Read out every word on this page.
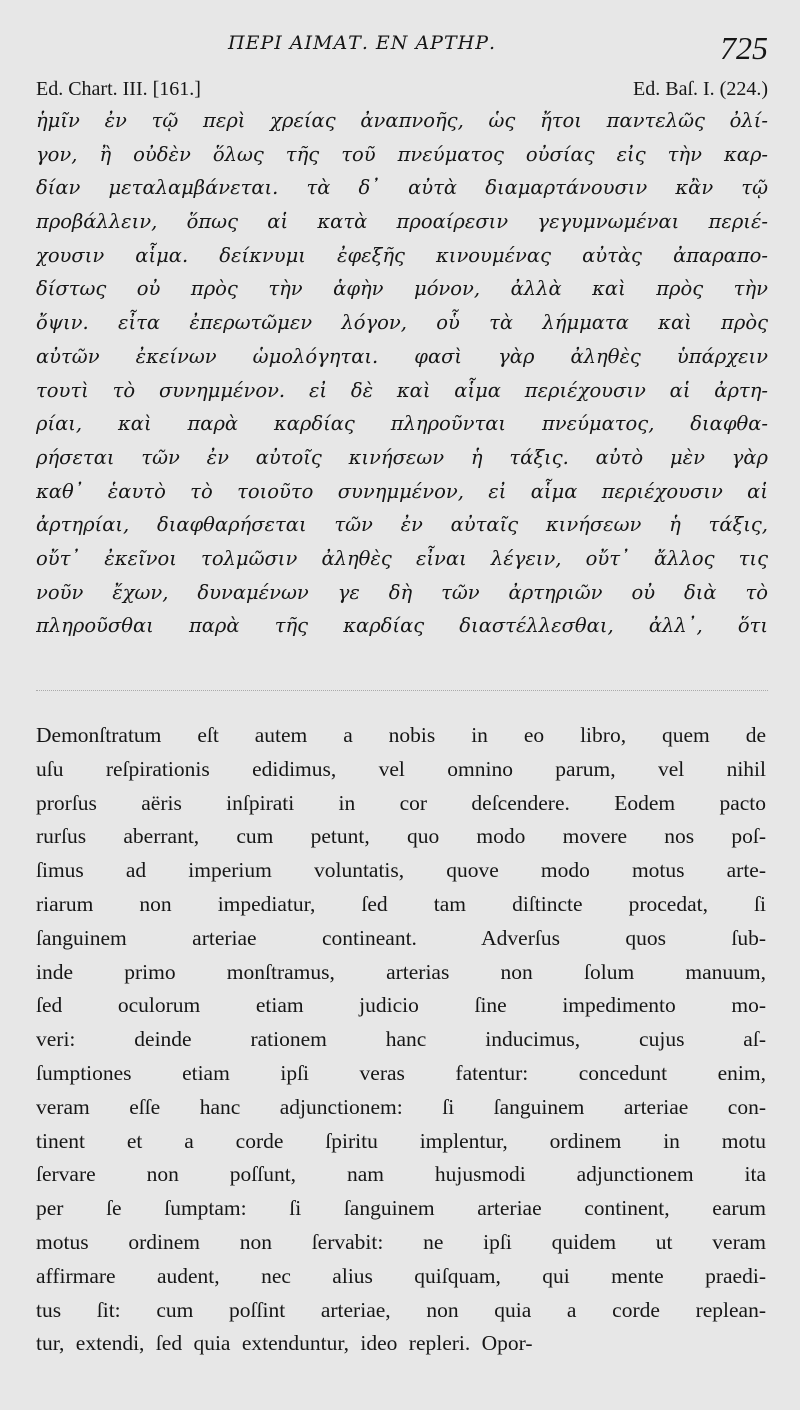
ΠΕΡΙ ΑΙΜΑΤ. ΕΝ ΑΡΤΗΡ.	725
Ed. Chart. III. [161.]	Ed. Baſ. I. (224.)
ἡμῖν ἐν τῷ περὶ χρείας ἀναπνοῆς, ὡς ἤτοι παντελῶς ὀλί-
γον, ἢ οὐδὲν ὅλως τῆς τοῦ πνεύματος οὐσίας εἰς τὴν καρ-
δίαν μεταλαμβάνεται. τὰ δ᾿ αὐτὰ διαμαρτάνουσιν κἂν τῷ
προβάλλειν, ὅπως αἱ κατὰ προαίρεσιν γεγυμνωμέναι περιέ-
χουσιν αἷμα. δείκνυμι ἐφεξῆς κινουμένας αὐτὰς ἀπαραπο-
δίστως οὐ πρὸς τὴν ἁφὴν μόνον, ἀλλὰ καὶ πρὸς τὴν
ὄψιν. εἶτα ἐπερωτῶμεν λόγον, οὗ τὰ λήμματα καὶ πρὸς
αὐτῶν ἐκείνων ὡμολόγηται. φασὶ γὰρ ἀληθὲς ὑπάρχειν
τουτὶ τὸ συνημμένον. εἰ δὲ καὶ αἷμα περιέχουσιν αἱ ἀρτη-
ρίαι, καὶ παρὰ καρδίας πληροῦνται πνεύματος, διαφθα-
ρήσεται τῶν ἐν αὐτοῖς κινήσεων ἡ τάξις. αὐτὸ μὲν γὰρ
καθ᾿ ἑαυτὸ τὸ τοιοῦτο συνημμένον, εἰ αἷμα περιέχουσιν αἱ
ἀρτηρίαι, διαφθαρήσεται τῶν ἐν αὐταῖς κινήσεων ἡ τάξις,
οὔτ᾿ ἐκεῖνοι τολμῶσιν ἀληθὲς εἶναι λέγειν, οὔτ᾿ ἄλλος τις
νοῦν ἔχων, δυναμένων γε δὴ τῶν ἀρτηριῶν οὐ διὰ τὸ
πληροῦσθαι παρὰ τῆς καρδίας διαστέλλεσθαι, ἀλλ᾿, ὅτι
Demonſtratum eſt autem a nobis in eo libro, quem de
uſu reſpirationis edidimus, vel omnino parum, vel nihil
prorſus aëris inſpirati in cor deſcendere. Eodem pacto
rurſus aberrant, cum petunt, quo modo movere nos poſ-
ſimus ad imperium voluntatis, quove modo motus arte-
riarum non impediatur, ſed tam diſtincte procedat, ſi
ſanguinem arteriae contineant. Adverſus quos ſub-
inde primo monſtramus, arterias non ſolum manuum,
ſed oculorum etiam judicio ſine impedimento mo-
veri: deinde rationem hanc inducimus, cujus aſ-
ſumptiones etiam ipſi veras fatentur: concedunt enim,
veram eſſe hanc adjunctionem: ſi ſanguinem arteriae con-
tinent et a corde ſpiritu implentur, ordinem in motu
ſervare non poſſunt, nam hujusmodi adjunctionem ita
per ſe ſumptam: ſi ſanguinem arteriae continent, earum
motus ordinem non ſervabit: ne ipſi quidem ut veram
affirmare audent, nec alius quiſquam, qui mente praedi-
tus ſit: cum poſſint arteriae, non quia a corde replean-
tur, extendi, ſed quia extenduntur, ideo repleri. Opor-
